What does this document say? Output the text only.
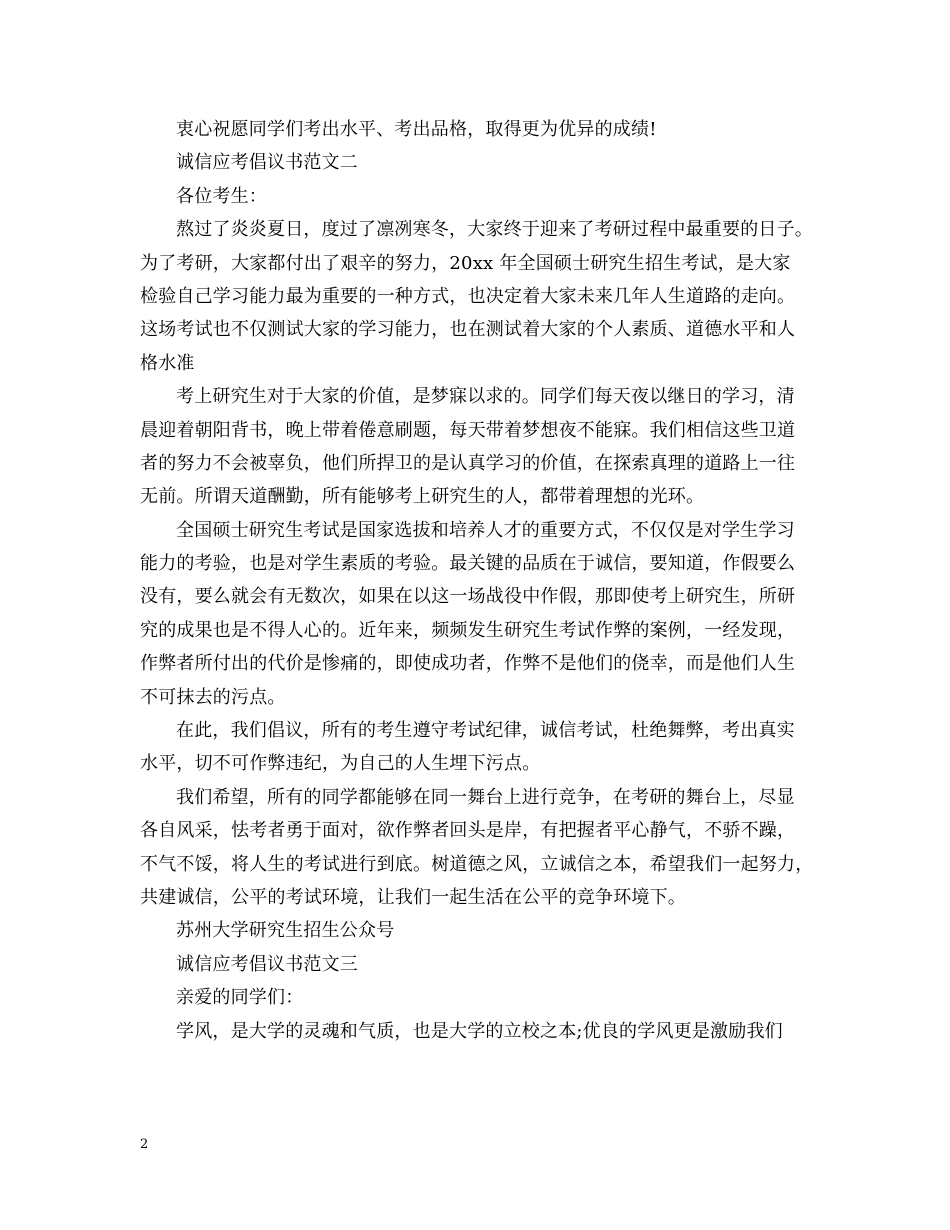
衷心祝愿同学们考出水平、考出品格，取得更为优异的成绩!
诚信应考倡议书范文二
各位考生：
熬过了炎炎夏日，度过了凛冽寒冬，大家终于迎来了考研过程中最重要的日子。
为了考研，大家都付出了艰辛的努力，20xx 年全国硕士研究生招生考试，是大家
检验自己学习能力最为重要的一种方式，也决定着大家未来几年人生道路的走向。
这场考试也不仅测试大家的学习能力，也在测试着大家的个人素质、道德水平和人
格水准
考上研究生对于大家的价值，是梦寐以求的。同学们每天夜以继日的学习，清
晨迎着朝阳背书，晚上带着倦意刷题，每天带着梦想夜不能寐。我们相信这些卫道
者的努力不会被辜负，他们所捍卫的是认真学习的价值，在探索真理的道路上一往
无前。所谓天道酬勤，所有能够考上研究生的人，都带着理想的光环。
全国硕士研究生考试是国家选拔和培养人才的重要方式，不仅仅是对学生学习
能力的考验，也是对学生素质的考验。最关键的品质在于诚信，要知道，作假要么
没有，要么就会有无数次，如果在以这一场战役中作假，那即使考上研究生，所研
究的成果也是不得人心的。近年来，频频发生研究生考试作弊的案例，一经发现，
作弊者所付出的代价是惨痛的，即使成功者，作弊不是他们的侥幸，而是他们人生
不可抹去的污点。
在此，我们倡议，所有的考生遵守考试纪律，诚信考试，杜绝舞弊，考出真实
水平，切不可作弊违纪，为自己的人生埋下污点。
我们希望，所有的同学都能够在同一舞台上进行竞争，在考研的舞台上，尽显
各自风采，怯考者勇于面对，欲作弊者回头是岸，有把握者平心静气，不骄不躁，
不气不馁，将人生的考试进行到底。树道德之风，立诚信之本，希望我们一起努力，
共建诚信，公平的考试环境，让我们一起生活在公平的竞争环境下。
苏州大学研究生招生公众号
诚信应考倡议书范文三
亲爱的同学们：
学风，是大学的灵魂和气质，也是大学的立校之本;优良的学风更是激励我们
2
